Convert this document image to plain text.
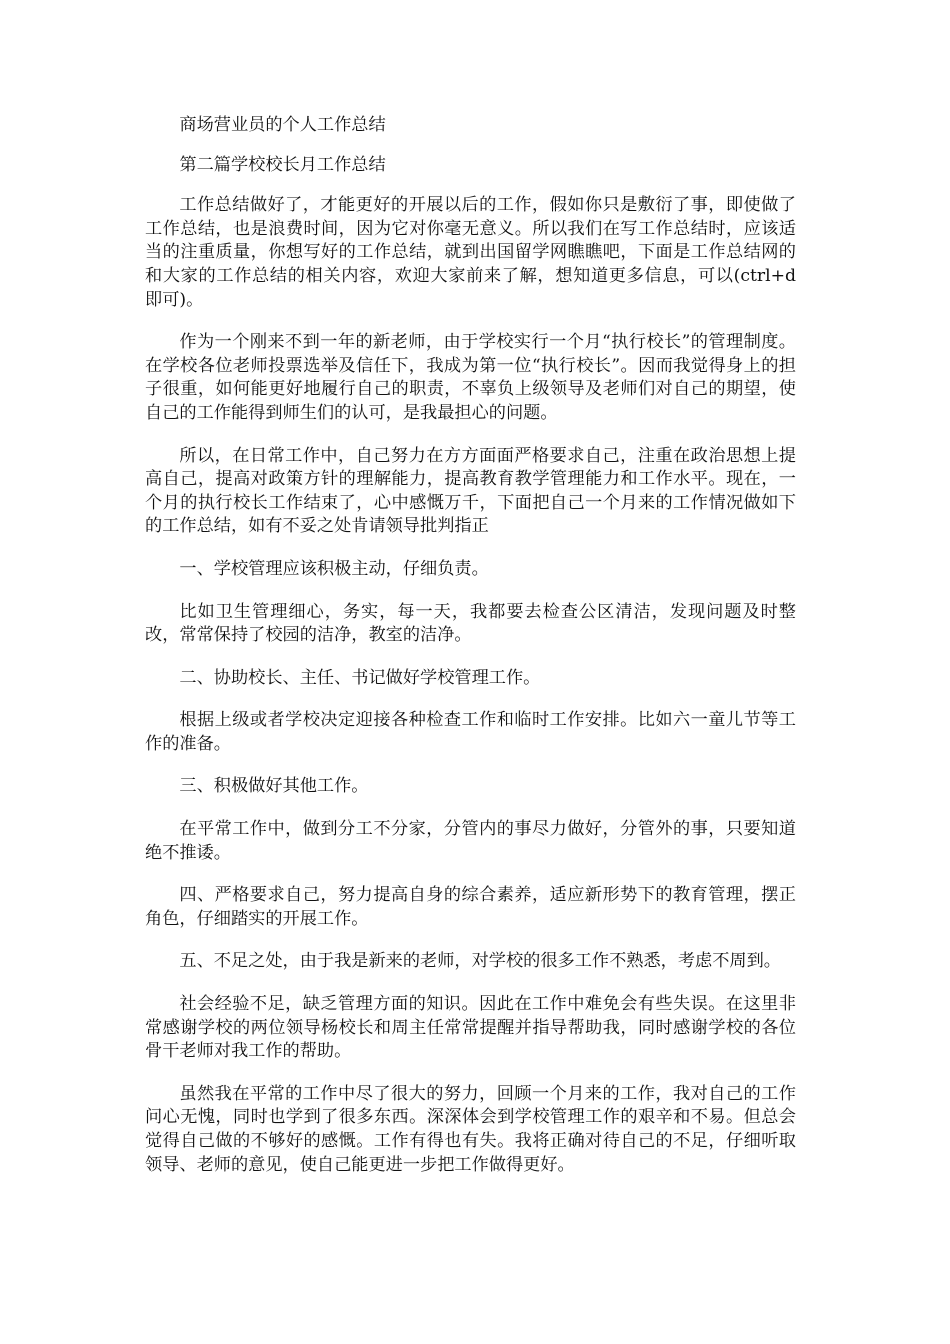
商场营业员的个人工作总结

第二篇学校校长月工作总结

工作总结做好了，才能更好的开展以后的工作，假如你只是敷衍了事，即使做了工作总结，也是浪费时间，因为它对你毫无意义。所以我们在写工作总结时，应该适当的注重质量，你想写好的工作总结，就到出国留学网瞧瞧吧，下面是工作总结网的和大家的工作总结的相关内容，欢迎大家前来了解，想知道更多信息，可以(ctrl+d 即可)。

作为一个刚来不到一年的新老师，由于学校实行一个月“执行校长”的管理制度。在学校各位老师投票选举及信任下，我成为第一位“执行校长”。因而我觉得身上的担子很重，如何能更好地履行自己的职责，不辜负上级领导及老师们对自己的期望，使自己的工作能得到师生们的认可，是我最担心的问题。

所以，在日常工作中，自己努力在方方面面严格要求自己，注重在政治思想上提高自己，提高对政策方针的理解能力，提高教育教学管理能力和工作水平。现在，一个月的执行校长工作结束了，心中感慨万千，下面把自己一个月来的工作情况做如下的工作总结，如有不妥之处肯请领导批判指正

一、学校管理应该积极主动，仔细负责。

比如卫生管理细心，务实，每一天，我都要去检查公区清洁，发现问题及时整改，常常保持了校园的洁净，教室的洁净。

二、协助校长、主任、书记做好学校管理工作。

根据上级或者学校决定迎接各种检查工作和临时工作安排。比如六一童儿节等工作的准备。

三、积极做好其他工作。

在平常工作中，做到分工不分家，分管内的事尽力做好，分管外的事，只要知道绝不推诿。

四、严格要求自己，努力提高自身的综合素养，适应新形势下的教育管理，摆正角色，仔细踏实的开展工作。

五、不足之处，由于我是新来的老师，对学校的很多工作不熟悉，考虑不周到。

社会经验不足，缺乏管理方面的知识。因此在工作中难免会有些失误。在这里非常感谢学校的两位领导杨校长和周主任常常提醒并指导帮助我，同时感谢学校的各位骨干老师对我工作的帮助。

虽然我在平常的工作中尽了很大的努力，回顾一个月来的工作，我对自己的工作问心无愧，同时也学到了很多东西。深深体会到学校管理工作的艰辛和不易。但总会觉得自己做的不够好的感慨。工作有得也有失。我将正确对待自己的不足，仔细听取领导、老师的意见，使自己能更进一步把工作做得更好。
